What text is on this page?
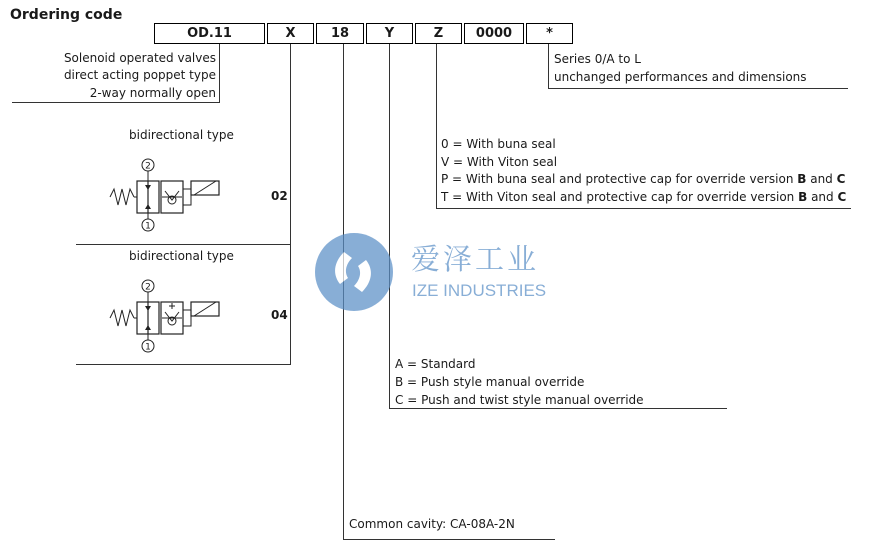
Ordering code
OD.11	X	18	Y	Z	0000	*
Solenoid operated valves
direct acting poppet type
2-way normally open
Series 0/A to L
unchanged performances and dimensions
0 = With buna seal
V = With Viton seal
P = With buna seal and protective cap for override version B and C
T = With Viton seal and protective cap for override version B and C
bidirectional type
02
2
1
bidirectional type
04
2
1
A = Standard
B = Push style manual override
C = Push and twist style manual override
Common cavity: CA-08A-2N
爱泽工业
IZE INDUSTRIES
